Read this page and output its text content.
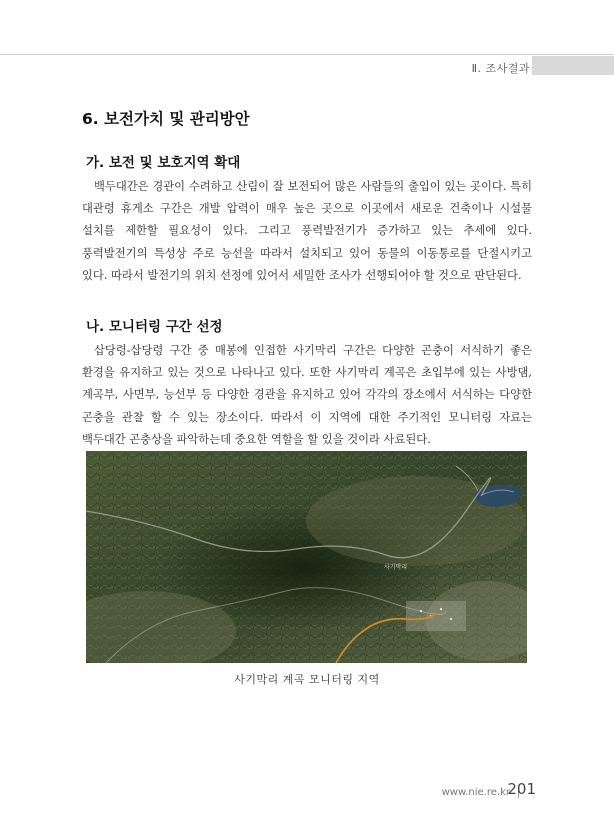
Ⅱ. 조사결과
6. 보전가치 및 관리방안
가. 보전 및 보호지역 확대

백두대간은 경관이 수려하고 산림이 잘 보전되어 많은 사람들의 출입이 있는 곳이다. 특히 대관령 휴게소 구간은 개발 압력이 매우 높은 곳으로 이곳에서 새로운 건축이나 시설물 설치를 제한할 필요성이 있다. 그리고 풍력발전기가 증가하고 있는 추세에 있다. 풍력발전기의 특성상 주로 능선을 따라서 설치되고 있어 동물의 이동통로를 단절시키고 있다. 따라서 발전기의 위치 선정에 있어서 세밀한 조사가 선행되어야 할 것으로 판단된다.

나. 모니터링 구간 선정

삽당령-삽당령 구간 중 매봉에 인접한 사기막리 구간은 다양한 곤충이 서식하기 좋은 환경을 유지하고 있는 것으로 나타나고 있다. 또한 사기막리 계곡은 초입부에 있는 사방댐, 계곡부, 사면부, 능선부 등 다양한 경관을 유지하고 있어 각각의 장소에서 서식하는 다양한 곤충을 관찰 할 수 있는 장소이다. 따라서 이 지역에 대한 주기적인 모니터링 자료는 백두대간 곤충상을 파악하는데 중요한 역할을 할 있을 것이라 사료된다.

사기막리
사기막리 계곡 모니터링 지역
www.nie.re.kr
201
